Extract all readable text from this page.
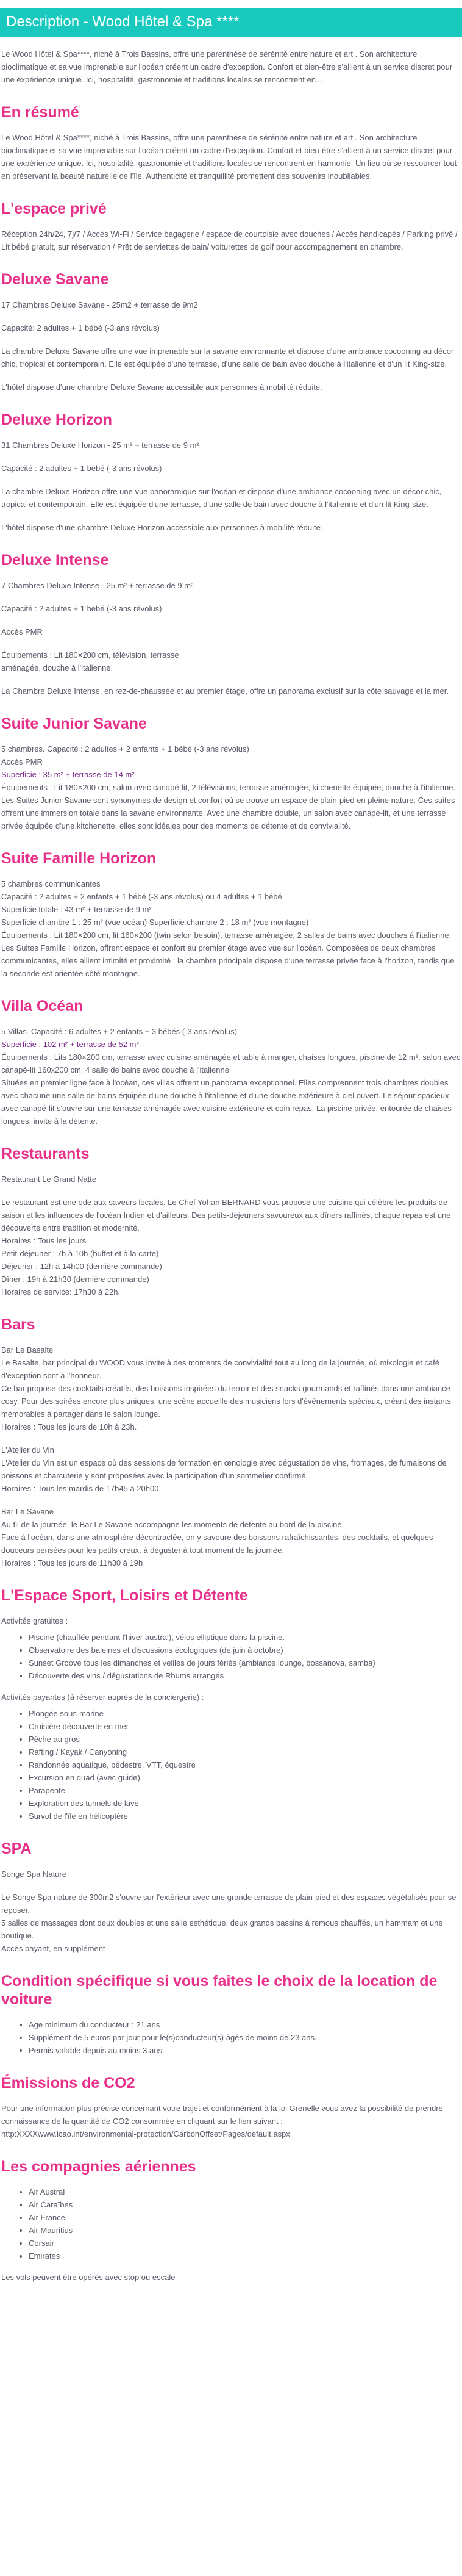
Description - Wood Hôtel & Spa ****

Le Wood Hôtel & Spa****, niché à Trois Bassins, offre une parenthèse de sérénité entre nature et art . Son architecture bioclimatique et sa vue imprenable sur l'océan créent un cadre d'exception. Confort et bien-être s'allient à un service discret pour une expérience unique. Ici, hospitalité, gastronomie et traditions locales se rencontrent en...

En résumé

Le Wood Hôtel & Spa****, niché à Trois Bassins, offre une parenthèse de sérénité entre nature et art . Son architecture bioclimatique et sa vue imprenable sur l'océan créent un cadre d'exception. Confort et bien-être s'allient à un service discret pour une expérience unique. Ici, hospitalité, gastronomie et traditions locales se rencontrent en harmonie. Un lieu où se ressourcer tout en préservant la beauté naturelle de l'île. Authenticité et tranquillité promettent des souvenirs inoubliables.

L'espace privé

Réception 24h/24, 7j/7 / Accès Wi-Fi / Service bagagerie / espace de courtoisie avec douches / Accès handicapés / Parking privé / Lit bébé gratuit, sur réservation / Prêt de serviettes de bain/ voiturettes de golf pour accompagnement en chambre.

Deluxe Savane

17 Chambres Deluxe Savane - 25m2 + terrasse de 9m2

Capacité: 2 adultes + 1 bébé (-3 ans révolus)

La chambre Deluxe Savane offre une vue imprenable sur la savane environnante et dispose d'une ambiance cocooning au décor chic, tropical et contemporain. Elle est équipée d'une terrasse, d'une salle de bain avec douche à l'italienne et d'un lit King-size.

L'hôtel dispose d'une chambre Deluxe Savane accessible aux personnes à mobilité réduite.

Deluxe Horizon

31 Chambres Deluxe Horizon - 25 m² + terrasse de 9 m²

Capacité : 2 adultes + 1 bébé (-3 ans révolus)

La chambre Deluxe Horizon offre une vue panoramique sur l'océan et dispose d'une ambiance cocooning avec un décor chic, tropical et contemporain. Elle est équipée d'une terrasse, d'une salle de bain avec douche à l'italienne et d'un lit King-size.

L'hôtel dispose d'une chambre Deluxe Horizon accessible aux personnes à mobilité réduite.

Deluxe Intense

7 Chambres Deluxe Intense - 25 m² + terrasse de 9 m²

Capacité : 2 adultes + 1 bébé (-3 ans révolus)

Accès PMR

Équipements : Lit 180×200 cm, télévision, terrasse

aménagée, douche à l'italienne.

La Chambre Deluxe Intense, en rez-de-chaussée et au premier étage, offre un panorama exclusif sur la côte sauvage et la mer.

Suite Junior Savane

5 chambres. Capacité : 2 adultes + 2 enfants + 1 bébé (-3 ans révolus)

Accès PMR

Superficie : 35 m² + terrasse de 14 m²

Équipements : Lit 180×200 cm, salon avec canapé-lit, 2 télévisions, terrasse aménagée, kitchenette équipée, douche à l'italienne.

Les Suites Junior Savane sont synonymes de design et confort où se trouve un espace de plain-pied en pleine nature. Ces suites offrent une immersion totale dans la savane environnante. Avec une chambre double, un salon avec canapé-lit, et une terrasse privée équipée d'une kitchenette, elles sont idéales pour des moments de détente et de convivialité.

Suite Famille Horizon

5 chambres communicantes

Capacité : 2 adultes + 2 enfants + 1 bébé (-3 ans révolus) ou 4 adultes + 1 bébé

Superficie totale : 43 m² + terrasse de 9 m²

Superficie chambre 1 : 25 m² (vue océan) Superficie chambre 2 : 18 m² (vue montagne)

Équipements : Lit 180×200 cm, lit 160×200 (twin selon besoin), terrasse aménagée, 2 salles de bains avec douches à l'italienne.

Les Suites Famille Horizon, offrent espace et confort au premier étage avec vue sur l'océan. Composées de deux chambres communicantes, elles allient intimité et proximité : la chambre principale dispose d'une terrasse privée face à l'horizon, tandis que la seconde est orientée côté montagne.

Villa Océan

5 Villas. Capacité : 6 adultes + 2 enfants + 3 bébés (-3 ans révolus)

Superficie : 102 m² + terrasse de 52 m²

Équipements : Lits 180×200 cm, terrasse avec cuisine aménagée et table à manger, chaises longues, piscine de 12 m², salon avec canapé-lit 160x200 cm, 4 salle de bains avec douche à l'italienne

Situées en premier ligne face à l'océan, ces villas offrent un panorama exceptionnel. Elles comprennent trois chambres doubles avec chacune une salle de bains équipée d'une douche à l'italienne et d'une douche extérieure à ciel ouvert. Le séjour spacieux avec canapé-lit s'ouvre sur une terrasse aménagée avec cuisine extérieure et coin repas. La piscine privée, entourée de chaises longues, invite à la détente.

Restaurants

Restaurant Le Grand Natte

Le restaurant est une ode aux saveurs locales. Le Chef Yohan BERNARD vous propose une cuisine qui célèbre les produits de saison et les influences de l'océan Indien et d'ailleurs. Des petits-déjeuners savoureux aux dîners raffinés, chaque repas est une découverte entre tradition et modernité.

Horaires : Tous les jours

Petit-déjeuner : 7h à 10h (buffet et à la carte)

Déjeuner : 12h à 14h00 (dernière commande)

Dîner : 19h à 21h30 (dernière commande)

Horaires de service: 17h30 à 22h.

Bars

Bar Le Basalte

Le Basalte, bar principal du WOOD vous invite à des moments de convivialité tout au long de la journée, où mixologie et café d'exception sont à l'honneur.

Ce bar propose des cocktails créatifs, des boissons inspirées du terroir et des snacks gourmands et raffinés dans une ambiance cosy. Pour des soirées encore plus uniques, une scène accueille des musiciens lors d'évènements spéciaux, créant des instants mémorables à partager dans le salon lounge.

Horaires : Tous les jours de 10h à 23h.

L'Atelier du Vin

L'Atelier du Vin est un espace où des sessions de formation en œnologie avec dégustation de vins, fromages, de fumaisons de poissons et charcuterie y sont proposées avec la participation d'un sommelier confirmé.

Horaires : Tous les mardis de 17h45 à 20h00.

Bar Le Savane

Au fil de la journée, le Bar Le Savane accompagne les moments de détente au bord de la piscine.

Face à l'océan, dans une atmosphère décontractée, on y savoure des boissons rafraîchissantes, des cocktails, et quelques douceurs pensées pour les petits creux, à déguster à tout moment de la journée.

Horaires : Tous les jours de 11h30 à 19h

L'Espace Sport, Loisirs et Détente

Activités gratuites :

• Piscine (chauffée pendant l'hiver austral), vélos elliptique dans la piscine.
• Observatoire des baleines et discussions écologiques (de juin à octobre)
• Sunset Groove tous les dimanches et veilles de jours fériés (ambiance lounge, bossanova, samba)
• Découverte des vins / dégustations de Rhums arrangés

Activités payantes (à réserver auprès de la conciergerie) :

• Plongée sous-marine
• Croisière découverte en mer
• Pêche au gros
• Rafting / Kayak / Canyoning
• Randonnée aquatique, pédestre, VTT, équestre
• Excursion en quad (avec guide)
• Parapente
• Exploration des tunnels de lave
• Survol de l'île en hélicoptère
SPA

Songe Spa Nature

Le Songe Spa nature de 300m2 s'ouvre sur l'extérieur avec une grande terrasse de plain-pied et des espaces végétalisés pour se reposer.

5 salles de massages dont deux doubles et une salle esthétique, deux grands bassins à remous chauffés, un hammam et une boutique.

Accès payant, en supplément

Condition spécifique si vous faites le choix de la location de voiture
• Age minimum du conducteur : 21 ans
• Supplément de 5 euros par jour pour le(s)conducteur(s) âgés de moins de 23 ans.
• Permis valable depuis au moins 3 ans.
Émissions de CO2

Pour une information plus précise concernant votre trajet et conformément à la loi Grenelle vous avez la possibilité de prendre connaissance de la quantité de CO2 consommée en cliquant sur le lien suivant :

http:XXXXwww.icao.int/environmental-protection/CarbonOffset/Pages/default.aspx

Les compagnies aériennes
• Air Austral
• Air Caraïbes
• Air France
• Air Mauritius
• Corsair
• Emirates

Les vols peuvent être opérés avec stop ou escale
